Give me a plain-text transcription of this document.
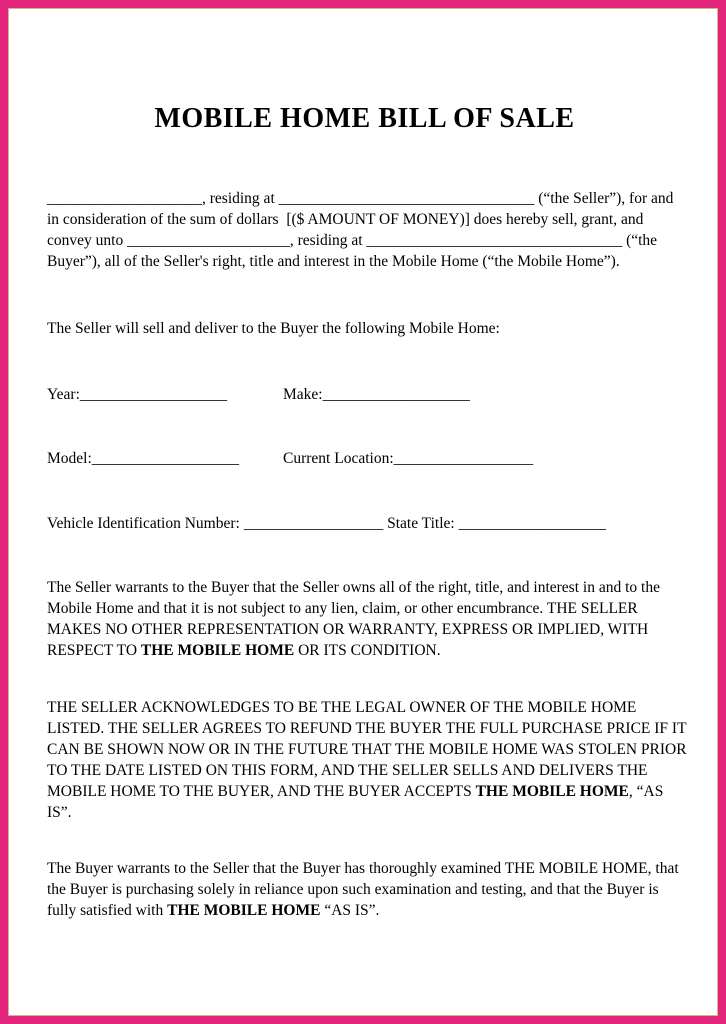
MOBILE HOME BILL OF SALE
____________________, residing at _________________________________ (“the Seller”), for and
in consideration of the sum of dollars  [($ AMOUNT OF MONEY)] does hereby sell, grant, and
convey unto _____________________, residing at _________________________________ (“the
Buyer”), all of the Seller's right, title and interest in the Mobile Home (“the Mobile Home”).
The Seller will sell and deliver to the Buyer the following Mobile Home:
Year:___________________	Make:___________________
Model:___________________	Current Location:__________________
Vehicle Identification Number: __________________ State Title: ___________________
The Seller warrants to the Buyer that the Seller owns all of the right, title, and interest in and to the
Mobile Home and that it is not subject to any lien, claim, or other encumbrance. THE SELLER
MAKES NO OTHER REPRESENTATION OR WARRANTY, EXPRESS OR IMPLIED, WITH
RESPECT TO THE MOBILE HOME OR ITS CONDITION.
THE SELLER ACKNOWLEDGES TO BE THE LEGAL OWNER OF THE MOBILE HOME
LISTED. THE SELLER AGREES TO REFUND THE BUYER THE FULL PURCHASE PRICE IF IT
CAN BE SHOWN NOW OR IN THE FUTURE THAT THE MOBILE HOME WAS STOLEN PRIOR
TO THE DATE LISTED ON THIS FORM, AND THE SELLER SELLS AND DELIVERS THE
MOBILE HOME TO THE BUYER, AND THE BUYER ACCEPTS THE MOBILE HOME, “AS
IS”.
The Buyer warrants to the Seller that the Buyer has thoroughly examined THE MOBILE HOME, that
the Buyer is purchasing solely in reliance upon such examination and testing, and that the Buyer is
fully satisfied with THE MOBILE HOME “AS IS”.
